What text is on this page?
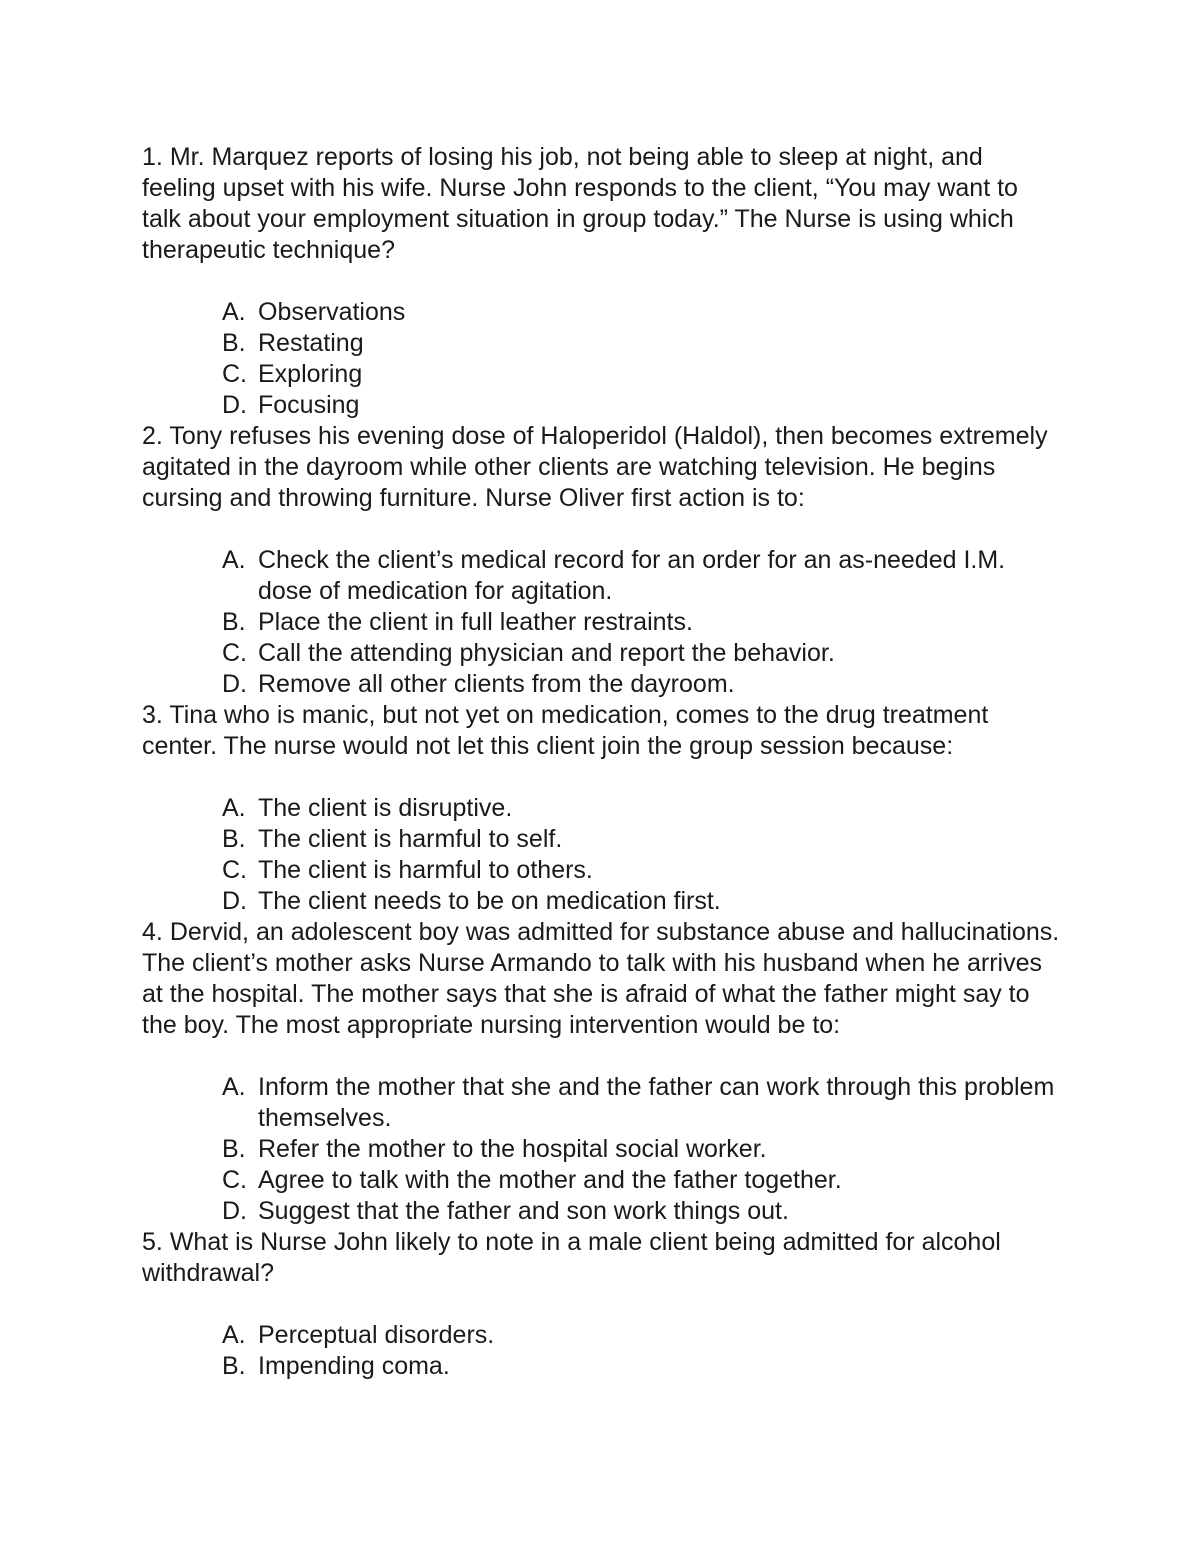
1. Mr. Marquez reports of losing his job, not being able to sleep at night, and feeling upset with his wife. Nurse John responds to the client, “You may want to talk about your employment situation in group today.” The Nurse is using which therapeutic technique?

A. Observations
B. Restating
C. Exploring
D. Focusing

2. Tony refuses his evening dose of Haloperidol (Haldol), then becomes extremely agitated in the dayroom while other clients are watching television. He begins cursing and throwing furniture. Nurse Oliver first action is to:

A. Check the client’s medical record for an order for an as-needed I.M. dose of medication for agitation.
B. Place the client in full leather restraints.
C. Call the attending physician and report the behavior.
D. Remove all other clients from the dayroom.

3. Tina who is manic, but not yet on medication, comes to the drug treatment center. The nurse would not let this client join the group session because:

A. The client is disruptive.
B. The client is harmful to self.
C. The client is harmful to others.
D. The client needs to be on medication first.

4. Dervid, an adolescent boy was admitted for substance abuse and hallucinations. The client’s mother asks Nurse Armando to talk with his husband when he arrives at the hospital. The mother says that she is afraid of what the father might say to the boy. The most appropriate nursing intervention would be to:

A. Inform the mother that she and the father can work through this problem themselves.
B. Refer the mother to the hospital social worker.
C. Agree to talk with the mother and the father together.
D. Suggest that the father and son work things out.

5. What is Nurse John likely to note in a male client being admitted for alcohol withdrawal?

A. Perceptual disorders.
B. Impending coma.
